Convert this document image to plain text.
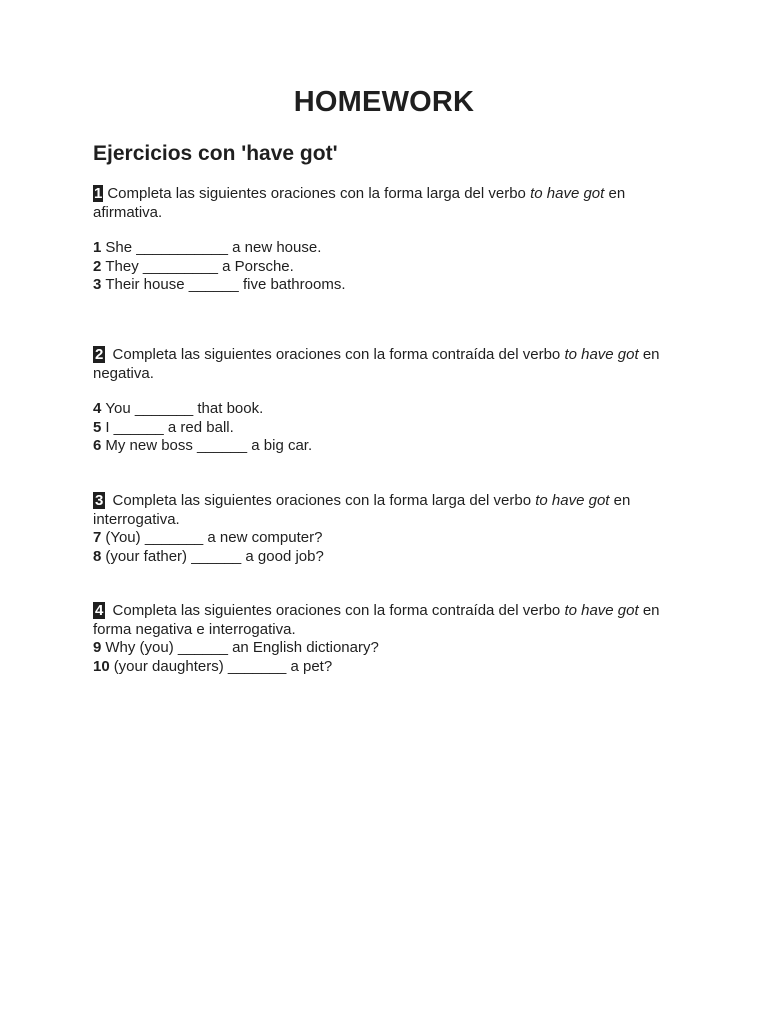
HOMEWORK
Ejercicios con 'have got'

1 Completa las siguientes oraciones con la forma larga del verbo to have got en afirmativa.

1 She ___________ a new house.
2 They _________ a Porsche.
3 Their house ______ five bathrooms.

2 Completa las siguientes oraciones con la forma contraída del verbo to have got en negativa.

4 You _______ that book.
5 I ______ a red ball.
6 My new boss ______ a big car.

3 Completa las siguientes oraciones con la forma larga del verbo to have got en interrogativa.

7 (You) _______ a new computer?
8 (your father) ______ a good job?

4 Completa las siguientes oraciones con la forma contraída del verbo to have got en forma negativa e interrogativa.

9 Why (you) ______ an English dictionary?
10 (your daughters) _______ a pet?
